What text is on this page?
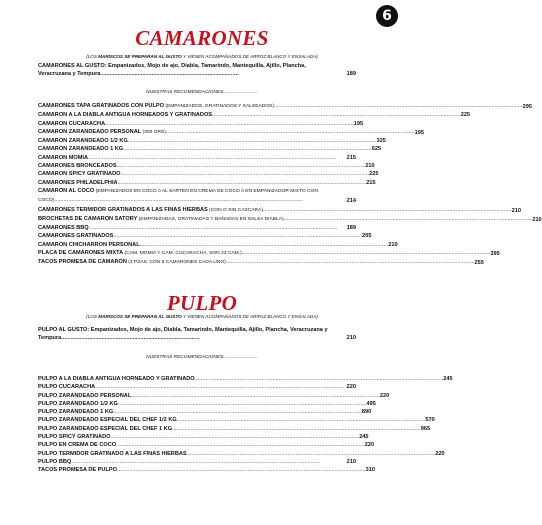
6
CAMARONES
(LOS MARISCOS SE PREPARAN AL GUSTO Y VIENEN ACOMPAÑADOS DE ARROZ BLANCO Y ENSALADA)
CAMARONES AL GUSTO: Empanizados, Mojo de ajo, Diabla, Tamarindo, Mantequilla, Ajillo, Plancha, Veracruzana y Tempura.........................................................................................	189
NUESTRAS RECOMENDACIONES:.........................
CAMARONES TAPA GRATINADOS CON PULPO (EMPANIZADOS, GRATINADOS Y SALSEADOS)................................................................................................................................................................ 295
CAMARON A LA DIABLA ANTIGUA HORNEADOS Y GRATINADOS................................................................................................................................................................ 225
CAMARON CUCARACHA................................................................................................................................................................ 195
CAMARON ZARANDEADO PERSONAL (300 GRS)................................................................................................................................................................ 195
CAMARON ZARANDEADO 1/2 KG................................................................................................................................................................ 325
CAMARON ZARANDEADO 1 KG................................................................................................................................................................ 625
CAMARON MOMIA................................................................................................................................................................	215
CAMARONES BRONCEADOS................................................................................................................................................................ 210
CAMARON SPICY GRATINADO................................................................................................................................................................ 225
CAMARONES PHILADELPHIA................................................................................................................................................................ 215
CAMARON AL COCO (EMPANIZADOS EN COCO ó AL SARTEN EN CREMA DE COCO ó EN EMPANIZADOR MIXTO CON COCO)................................................................................................................................................................	214
CAMARONES TERMIDOR GRATINADOS A LAS FINAS HIERBAS (CON O SIN CASCARA)................................................................................................................................................................ 210
BROCHETAS DE CAMARON SATORY (EMPANIZADAS, GRATINADAS Y BAÑADAS EN SALSA DIABLA)................................................................................................................................................................ 210
CAMARONES BBQ................................................................................................................................................................	189
CAMARONES GRATINADOS................................................................................................................................................................ 205
CAMARON CHICHARRON PERSONAL................................................................................................................................................................ 210
PLACA DE CAMARONES MIXTA (CAM. MOMIA Y CAM. CUCARACHA, SON 23 CAM.)................................................................................................................................................................ 395
TACOS PROMESA DE CAMARON (3 PZAS. CON 5 CAMARONES CADA UNO)................................................................................................................................................................ 255
PULPO
(LOS MARISCOS SE PREPARAN AL GUSTO Y VIENEN ACOMPAÑADOS DE ARROZ BLANCO Y ENSALADA)
PULPO AL GUSTO: Empanizados, Mojo de ajo, Diabla, Tamarindo, Mantequilla, Ajillo, Plancha, Veracruzana y Tempura.........................................................................................	210
NUESTRAS RECOMENDACIONES:.........................
PULPO A LA DIABLA ANTIGUA HORNEADO Y GRATINADO................................................................................................................................................................ 245
PULPO CUCARACHA................................................................................................................................................................ 220
PULPO ZARANDEADO PERSONAL................................................................................................................................................................ 220
PULPO ZARANDEADO 1/2 KG................................................................................................................................................................ 495
PULPO ZARANDEADO 1 KG................................................................................................................................................................ 890
PULPO ZARANDEADO ESPECIAL DEL CHEF 1/2 KG................................................................................................................................................................ 570
PULPO ZARANDEADO ESPECIAL DEL CHEF 1 KG................................................................................................................................................................ 965
PULPO SPICY GRATINADO................................................................................................................................................................ 245
PULPO EN CREMA DE COCO................................................................................................................................................................ 220
PULPO TERMIDOR GRATINADO A LAS FINAS HIERBAS................................................................................................................................................................ 220
PULPO BBQ................................................................................................................................................................	210
TACOS PROMESA DE PULPO................................................................................................................................................................ 310
